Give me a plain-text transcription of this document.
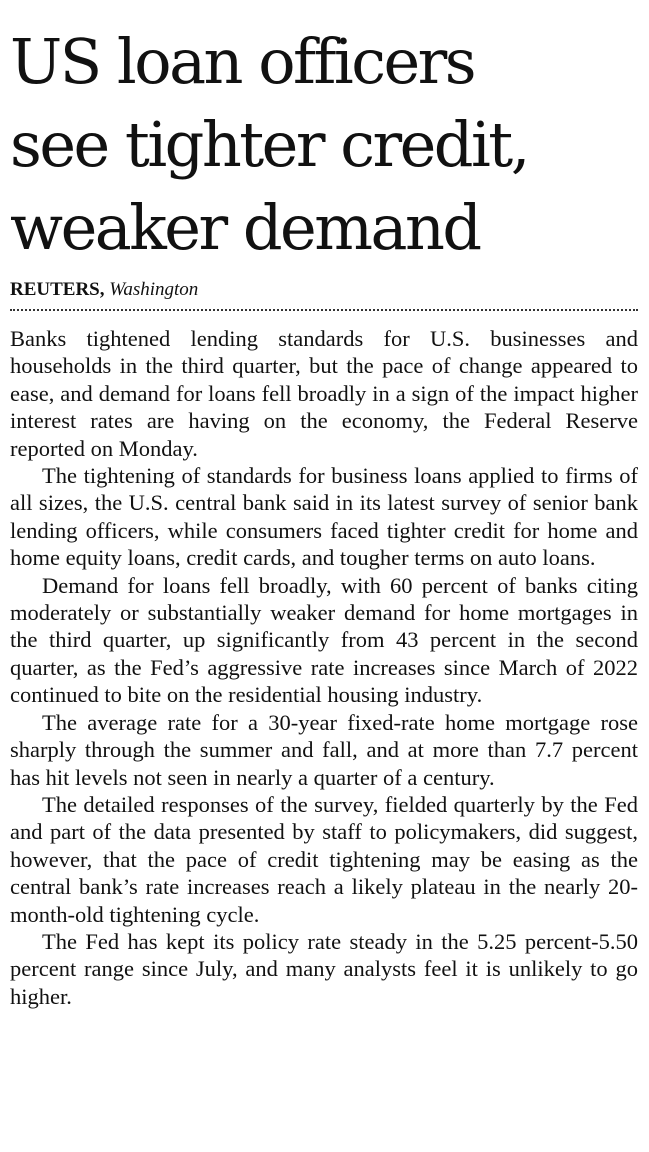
US loan officers
see tighter credit,
weaker demand
REUTERS, Washington

Banks tightened lending standards for U.S. businesses and households in the third quarter, but the pace of change appeared to ease, and demand for loans fell broadly in a sign of the impact higher interest rates are having on the economy, the Federal Reserve reported on Monday.

The tightening of standards for business loans applied to firms of all sizes, the U.S. central bank said in its latest survey of senior bank lending officers, while consumers faced tighter credit for home and home equity loans, credit cards, and tougher terms on auto loans.

Demand for loans fell broadly, with 60 percent of banks citing moderately or substantially weaker demand for home mortgages in the third quarter, up significantly from 43 percent in the second quarter, as the Fed’s aggressive rate increases since March of 2022 continued to bite on the residential housing industry.

The average rate for a 30-year fixed-rate home mortgage rose sharply through the summer and fall, and at more than 7.7 percent has hit levels not seen in nearly a quarter of a century.

The detailed responses of the survey, fielded quarterly by the Fed and part of the data presented by staff to policymakers, did suggest, however, that the pace of credit tightening may be easing as the central bank’s rate increases reach a likely plateau in the nearly 20-month-old tightening cycle.

The Fed has kept its policy rate steady in the 5.25 percent-5.50 percent range since July, and many analysts feel it is unlikely to go higher.
